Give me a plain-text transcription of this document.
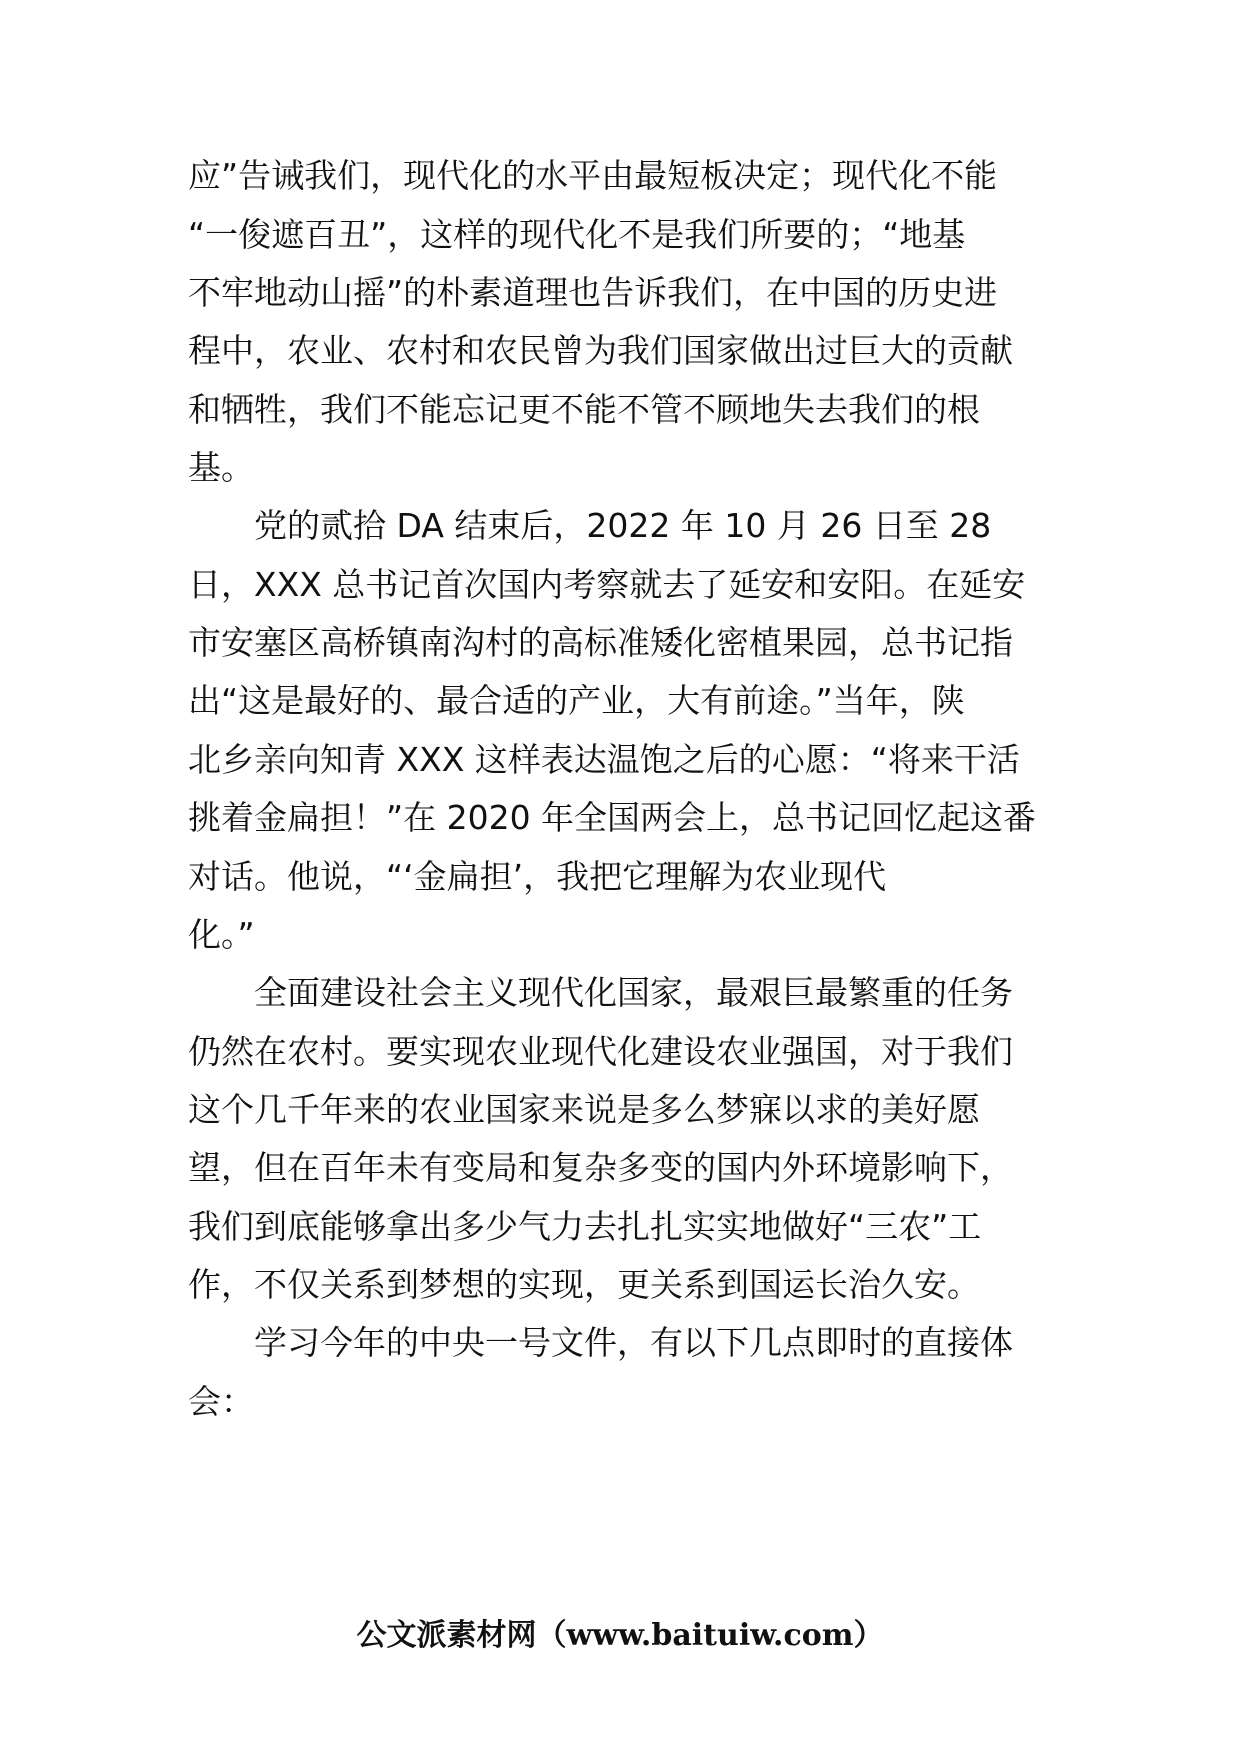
应”告诫我们，现代化的水平由最短板决定；现代化不能
“一俊遮百丑”，这样的现代化不是我们所要的；“地基
不牢地动山摇”的朴素道理也告诉我们，在中国的历史进
程中，农业、农村和农民曾为我们国家做出过巨大的贡献
和牺牲，我们不能忘记更不能不管不顾地失去我们的根
基。
党的贰拾 DA 结束后，2022 年 10 月 26 日至 28
日，XXX 总书记首次国内考察就去了延安和安阳。在延安
市安塞区高桥镇南沟村的高标准矮化密植果园，总书记指
出“这是最好的、最合适的产业，大有前途。”当年，陕
北乡亲向知青 XXX 这样表达温饱之后的心愿：“将来干活
挑着金扁担！”在 2020 年全国两会上，总书记回忆起这番
对话。他说，“‘金扁担’，我把它理解为农业现代
化。”
全面建设社会主义现代化国家，最艰巨最繁重的任务
仍然在农村。要实现农业现代化建设农业强国，对于我们
这个几千年来的农业国家来说是多么梦寐以求的美好愿
望，但在百年未有变局和复杂多变的国内外环境影响下，
我们到底能够拿出多少气力去扎扎实实地做好“三农”工
作，不仅关系到梦想的实现，更关系到国运长治久安。
学习今年的中央一号文件，有以下几点即时的直接体
会：
公文派素材网（www.baituiw.com）
